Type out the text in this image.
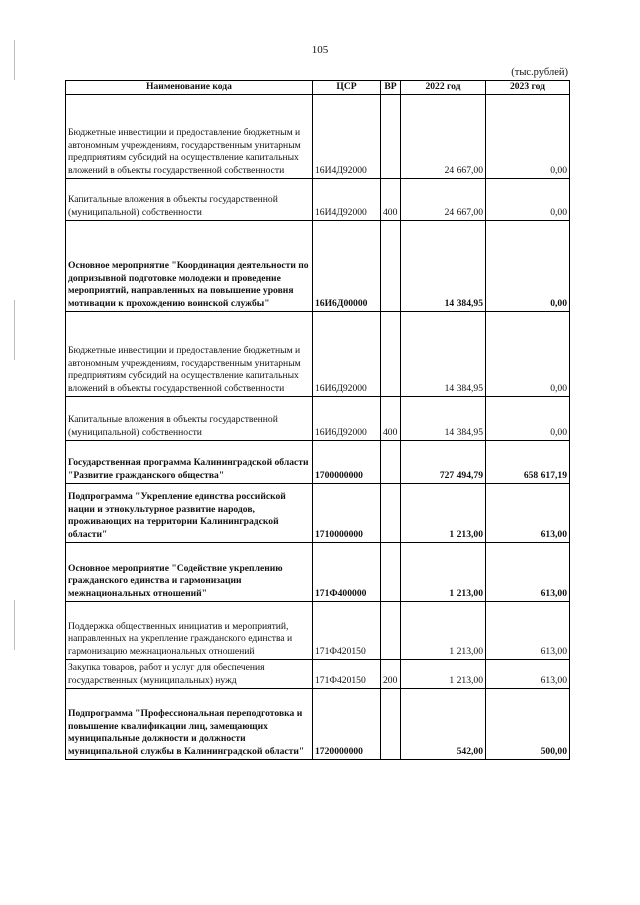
105
(тыс.рублей)
Наименование кода	ЦСР	ВР	2022 год	2023 год
Бюджетные инвестиции и предоставление бюджетным и автономным учреждениям, государственным унитарным предприятиям субсидий на осуществление капитальных вложений в объекты государственной собственности	16И4Д92000		24 667,00	0,00
Капитальные вложения в объекты государственной (муниципальной) собственности	16И4Д92000	400	24 667,00	0,00
Основное мероприятие "Координация деятельности по допризывной подготовке молодежи и проведение мероприятий, направленных на повышение уровня мотивации к прохождению воинской службы"	16И6Д00000		14 384,95	0,00
Бюджетные инвестиции и предоставление бюджетным и автономным учреждениям, государственным унитарным предприятиям субсидий на осуществление капитальных вложений в объекты государственной собственности	16И6Д92000		14 384,95	0,00
Капитальные вложения в объекты государственной (муниципальной) собственности	16И6Д92000	400	14 384,95	0,00
Государственная программа Калининградской области "Развитие гражданского общества"	1700000000		727 494,79	658 617,19
Подпрограмма "Укрепление единства российской нации и этнокультурное развитие народов, проживающих на территории Калининградской области"	1710000000		1 213,00	613,00
Основное мероприятие "Содействие укреплению гражданского единства и гармонизации межнациональных отношений"	171Ф400000		1 213,00	613,00
Поддержка общественных инициатив и мероприятий, направленных на укрепление гражданского единства и гармонизацию межнациональных отношений	171Ф420150		1 213,00	613,00
Закупка товаров, работ и услуг для обеспечения государственных (муниципальных) нужд	171Ф420150	200	1 213,00	613,00
Подпрограмма "Профессиональная переподготовка и повышение квалификации лиц, замещающих муниципальные должности и должности муниципальной службы в Калининградской области"	1720000000		542,00	500,00
